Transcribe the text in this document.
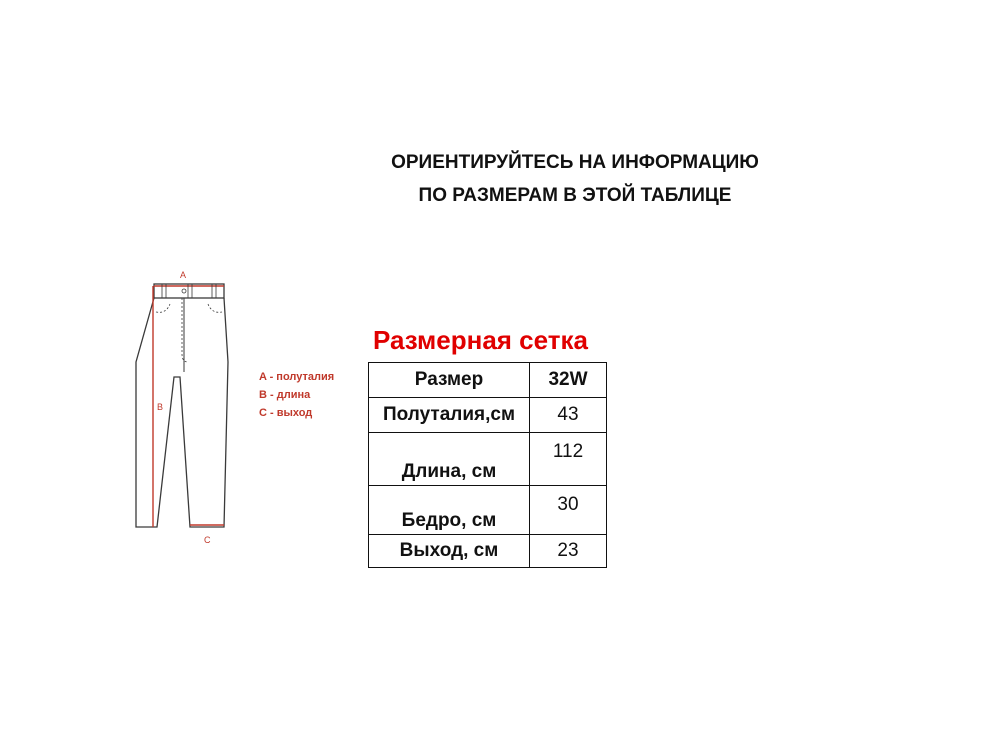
ОРИЕНТИРУЙТЕСЬ НА ИНФОРМАЦИЮ
ПО РАЗМЕРАМ В ЭТОЙ ТАБЛИЦЕ
A
B
C
A - полуталия
B - длина
C - выход
Размерная сетка
Размер	32W
Полуталия,см	43
Длина, см	112
Бедро, см	30
Выход, см	23
